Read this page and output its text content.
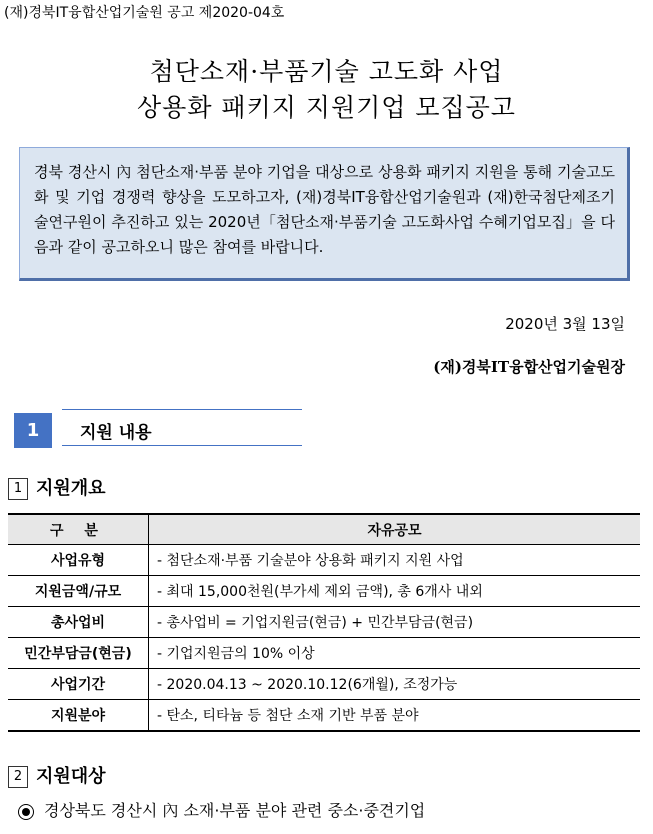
(재)경북IT융합산업기술원 공고 제2020-04호
첨단소재·부품기술 고도화 사업
상용화 패키지 지원기업 모집공고
경북 경산시 內 첨단소재·부품 분야 기업을 대상으로 상용화 패키지 지원을 통해 기술고도화 및 기업 경쟁력 향상을 도모하고자, (재)경북IT융합산업기술원과 (재)한국첨단제조기술연구원이 추진하고 있는 2020년「첨단소재·부품기술 고도화사업 수혜기업모집」을 다음과 같이 공고하오니 많은 참여를 바랍니다.
2020년 3월 13일
(재)경북IT융합산업기술원장
1	지원 내용
1 지원개요
구 분	자유공모
사업유형	- 첨단소재·부품 기술분야 상용화 패키지 지원 사업
지원금액/규모	- 최대 15,000천원(부가세 제외 금액), 총 6개사 내외
총사업비	- 총사업비 = 기업지원금(현금) + 민간부담금(현금)
민간부담금(현금)	- 기업지원금의 10% 이상
사업기간	- 2020.04.13 ~ 2020.10.12(6개월), 조정가능
지원분야	- 탄소, 티타늄 등 첨단 소재 기반 부품 분야
2 지원대상
경상북도 경산시 內 소재·부품 분야 관련 중소·중견기업
